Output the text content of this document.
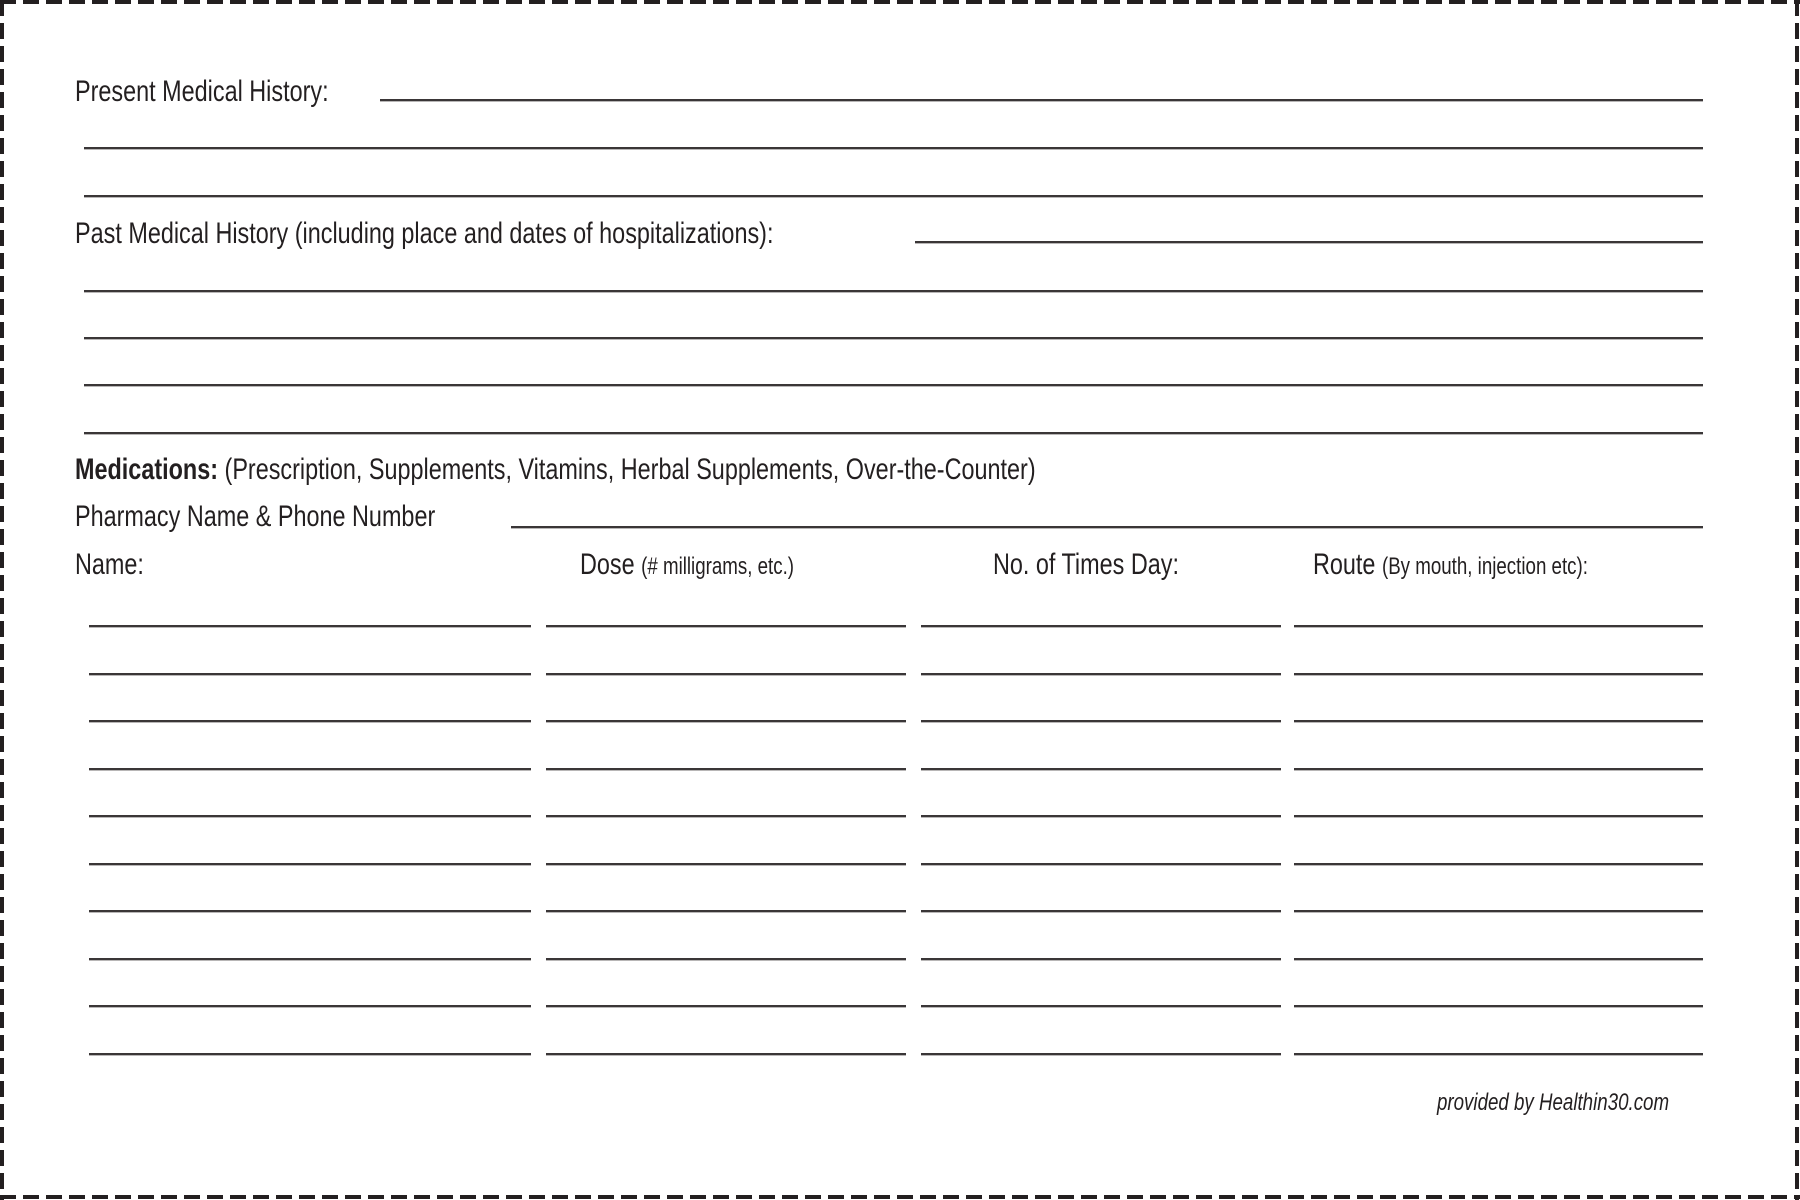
Present Medical History:
Past Medical History (including place and dates of hospitalizations):
Medications: (Prescription, Supplements, Vitamins, Herbal Supplements, Over-the-Counter)
Pharmacy Name & Phone Number
Name:	Dose (# milligrams, etc.)	No. of Times Day:	Route (By mouth, injection etc):
provided by Healthin30.com
